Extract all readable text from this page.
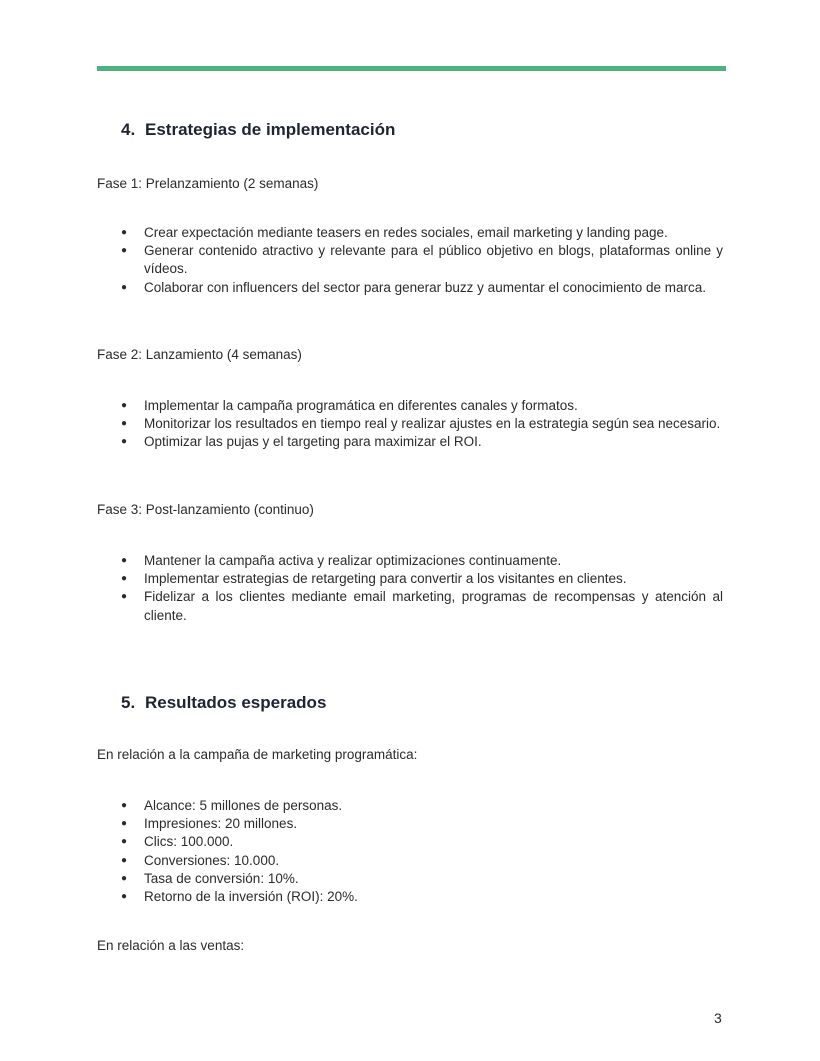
4. Estrategias de implementación

Fase 1: Prelanzamiento (2 semanas)

● Crear expectación mediante teasers en redes sociales, email marketing y landing page.
● Generar contenido atractivo y relevante para el público objetivo en blogs, plataformas online y vídeos.
● Colaborar con influencers del sector para generar buzz y aumentar el conocimiento de marca.

Fase 2: Lanzamiento (4 semanas)

● Implementar la campaña programática en diferentes canales y formatos.
● Monitorizar los resultados en tiempo real y realizar ajustes en la estrategia según sea necesario.
● Optimizar las pujas y el targeting para maximizar el ROI.

Fase 3: Post-lanzamiento (continuo)

● Mantener la campaña activa y realizar optimizaciones continuamente.
● Implementar estrategias de retargeting para convertir a los visitantes en clientes.
● Fidelizar a los clientes mediante email marketing, programas de recompensas y atención al cliente.
5. Resultados esperados

En relación a la campaña de marketing programática:

● Alcance: 5 millones de personas.
● Impresiones: 20 millones.
● Clics: 100.000.
● Conversiones: 10.000.
● Tasa de conversión: 10%.
● Retorno de la inversión (ROI): 20%.

En relación a las ventas:

3
